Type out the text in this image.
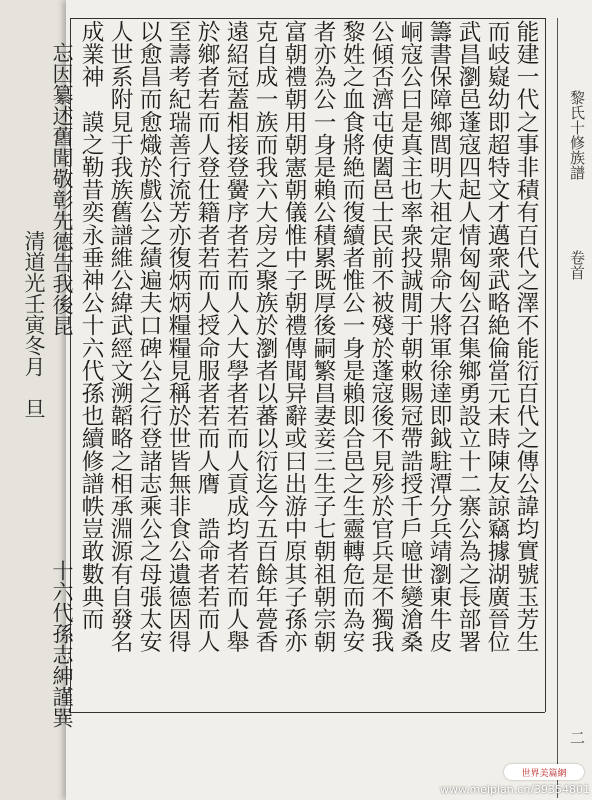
黎氏十修族譜
卷首
二
能建一代之事非積有百代之澤不能衍百代之傳公諱均實號玉芳生
而岐嶷幼即超特文才邁衆武略絶倫當元末時陳友諒竊據湖廣晉位
武昌瀏邑蓬寇四起人情匈匈公召集鄉勇設立十二寨公為之長部署
籌書保障鄉閭明大祖定鼎命大將軍徐達即鉞駐潭分兵靖瀏東牛皮
峒寇公曰是真主也率衆投誠閒于朝敕賜冠帶誥授千戶噫世變滄桑
公傾否濟屯使闔邑士民前不被殘於蓬寇後不見殄於官兵是不獨我
黎姓之血食將絶而復續者惟公一身是賴即合邑之生靈轉危而為安
者亦為公一身是賴公積累既厚後嗣繁昌妻妾三生子七朝祖朝宗朝
富朝禮朝用朝憲朝儀惟中子朝禮傳聞异辭或曰出游中原其子孫亦
克自成一族而我六大房之聚族於瀏者以蕃以衍迄今五百餘年甍香
遠紹冠蓋相接登黌序者若而人入大學者若而人貢成均者若而人舉
於鄉者若而人登仕籍者若而人授命服者若而人膺　誥命者若而人
至壽考紀瑞善行流芳亦復炳炳糧糧見稱於世皆無非食公遺德因得
以愈昌而愈熾於戲公之績遍夫口碑公之行登諸志乘公之母張太安
人世系附見于我族舊譜維公緯武經文溯韜略之相承淵源有自發名
成業神　謨之勒昔奕永垂神公十六代孫也續修譜帙豈敢數典而
忘因纂述舊聞敬彰先德告我後昆
清道光壬寅冬月　旦
十六代孫志紳謹巽
世界美篇網
www.meipian.cn/39354801
